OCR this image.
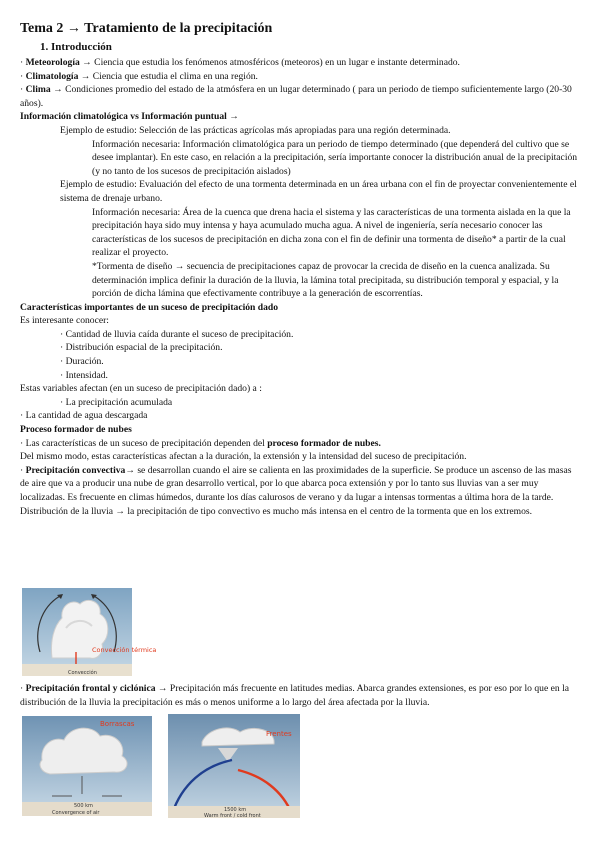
Tema 2 → Tratamiento de la precipitación
1. Introducción

· Meteorología → Ciencia que estudia los fenómenos atmosféricos (meteoros) en un lugar e instante determinado.

· Climatología → Ciencia que estudia el clima en una región.

· Clima → Condiciones promedio del estado de la atmósfera en un lugar determinado ( para un periodo de tiempo suficientemente largo (20-30 años).

Información climatológica vs Información puntual →

Ejemplo de estudio: Selección de las prácticas agrícolas más apropiadas para una región determinada.

Información necesaria: Información climatológica para un periodo de tiempo determinado (que dependerá del cultivo que se desee implantar). En este caso, en relación a la precipitación, sería importante conocer la distribución anual de la precipitación (y no tanto de los sucesos de precipitación aislados)

Ejemplo de estudio: Evaluación del efecto de una tormenta determinada en un área urbana con el fin de proyectar convenientemente el sistema de drenaje urbano.

Información necesaria: Área de la cuenca que drena hacia el sistema y las características de una tormenta aislada en la que la precipitación haya sido muy intensa y haya acumulado mucha agua. A nivel de ingeniería, sería necesario conocer las características de los sucesos de precipitación en dicha zona con el fin de definir una tormenta de diseño* a partir de la cual realizar el proyecto.

*Tormenta de diseño → secuencia de precipitaciones capaz de provocar la crecida de diseño en la cuenca analizada. Su determinación implica definir la duración de la lluvia, la lámina total precipitada, su distribución temporal y espacial, y la porción de dicha lámina que efectivamente contribuye a la generación de escorrentías.

Características importantes de un suceso de precipitación dado

Es interesante conocer:

· Cantidad de lluvia caída durante el suceso de precipitación.

· Distribución espacial de la precipitación.

· Duración.

· Intensidad.

Estas variables afectan (en un suceso de precipitación dado) a :

· La precipitación acumulada

· La cantidad de agua descargada

Proceso formador de nubes

· Las características de un suceso de precipitación dependen del proceso formador de nubes.

Del mismo modo, estas características afectan a la duración, la extensión y la intensidad del suceso de precipitación.

· Precipitación convectiva→ se desarrollan cuando el aire se calienta en las proximidades de la superficie. Se produce un ascenso de las masas de aire que va a producir una nube de gran desarrollo vertical, por lo que abarca poca extensión y por lo tanto sus lluvias van a ser muy localizadas. Es frecuente en climas húmedos, durante los días calurosos de verano y da lugar a intensas tormentas a última hora de la tarde. Distribución de la lluvia → la precipitación de tipo convectivo es mucho más intensa en el centro de la tormenta que en los extremos.

Convección
Convección térmica

· Precipitación frontal y ciclónica → Precipitación más frecuente en latitudes medias. Abarca grandes extensiones, es por eso por lo que en la distribución de la lluvia la precipitación es más o menos uniforme a lo largo del área afectada por la lluvia.

Borrascas
500 km
Convergence of air
Frentes
1500 km
Warm front / cold front
